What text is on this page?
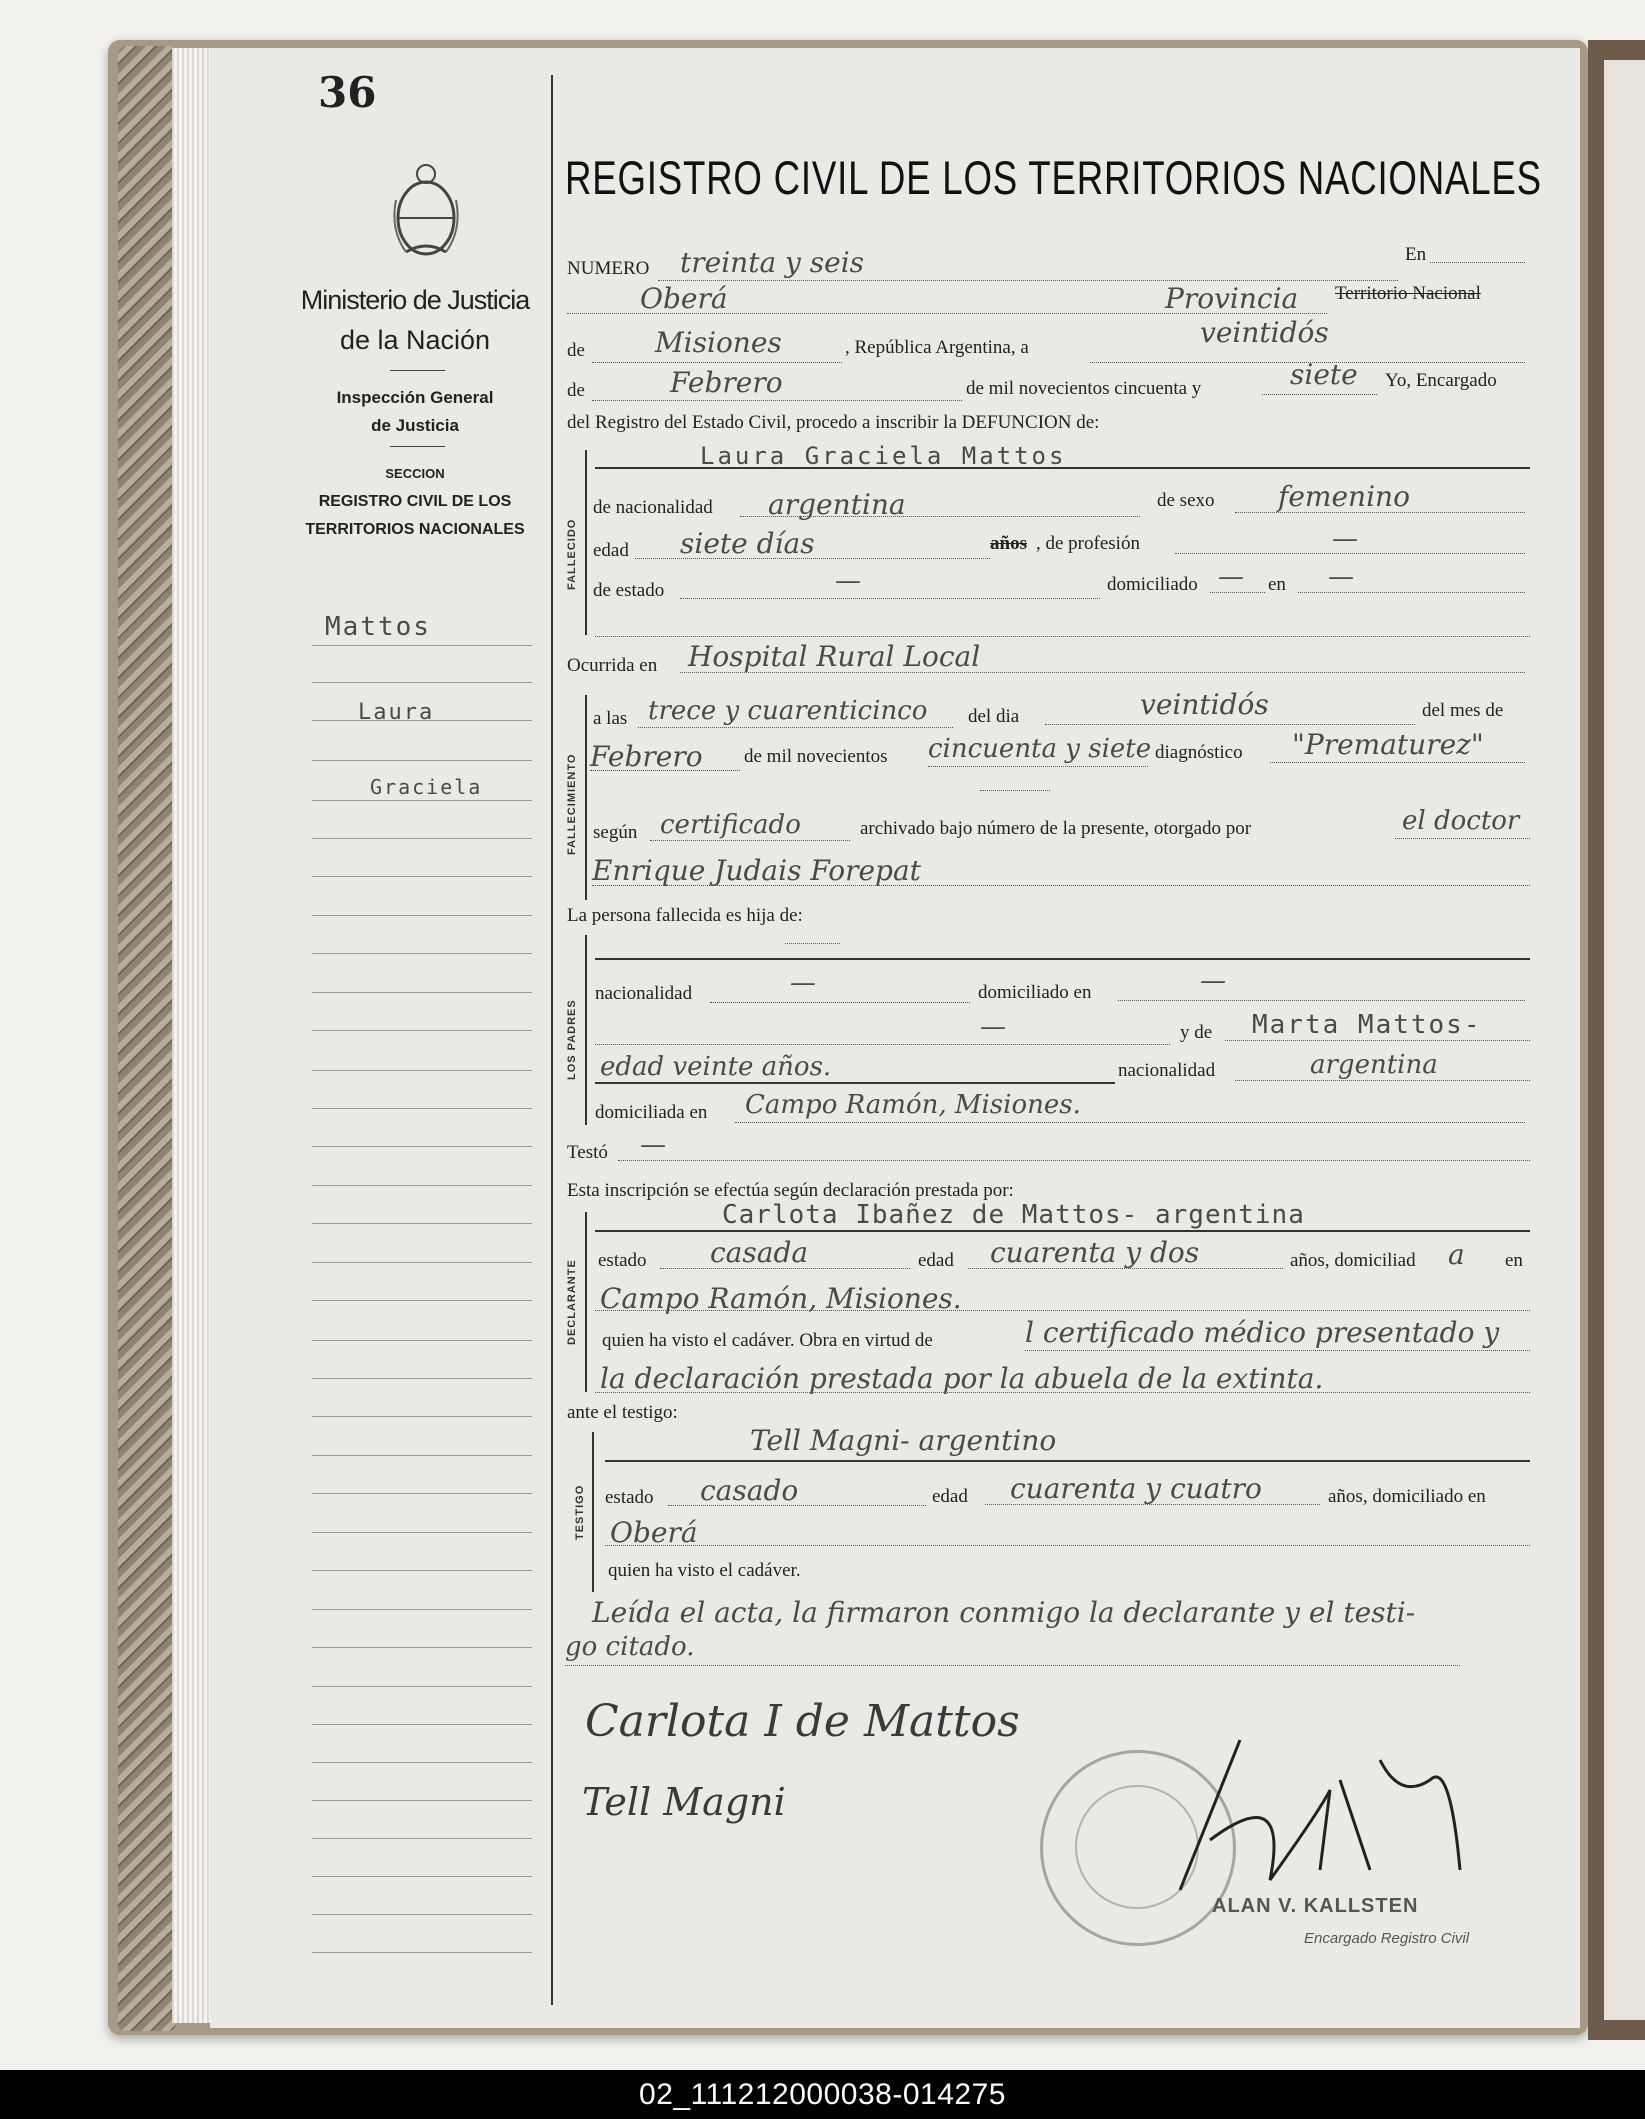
36
Ministerio de Justicia
de la Nación
Inspección General
de Justicia
SECCION
REGISTRO CIVIL DE LOS
TERRITORIOS NACIONALES
Mattos
Laura
Graciela
REGISTRO CIVIL DE LOS TERRITORIOS NACIONALES
NUMERO treinta y seis	En
Oberá	Provincia Territorio Nacional
de	Misiones	, República Argentina, a	veintidós
de	Febrero	de mil novecientos cincuenta y	siete Yo, Encargado
del Registro del Estado Civil, procedo a inscribir la DEFUNCION de:
FALLECIDO
Laura Graciela Mattos
de nacionalidad argentina	de sexo femenino
edad siete días	años , de profesión	—
de estado	—	domiciliado — en —
Ocurrida en Hospital Rural Local
FALLECIMIENTO
a las trece y cuarenticinco del dia	veintidós	del mes de
Febrero de mil novecientos cincuenta y siete diagnóstico "Prematurez"
según certificado	archivado bajo número de la presente, otorgado por	el doctor
Enrique Judais Forepat
La persona fallecida es hija de:
LOS PADRES
nacionalidad	—	domiciliado en	—
—	y de Marta Mattos-
edad veinte años.	nacionalidad	argentina
domiciliada en Campo Ramón, Misiones.
Testó —
Esta inscripción se efectúa según declaración prestada por:
DECLARANTE
Carlota Ibañez de Mattos- argentina
estado casada	edad cuarenta y dos	años, domiciliad a en
Campo Ramón, Misiones.
quien ha visto el cadáver. Obra en virtud de	l certificado médico presentado y
la declaración prestada por la abuela de la extinta.
ante el testigo:
TESTIGO
Tell Magni- argentino
estado casado	edad cuarenta y cuatro	años, domiciliado en
Oberá
quien ha visto el cadáver.
Leída el acta, la firmaron conmigo la declarante y el testi-
go citado.
Carlota I de Mattos
Tell Magni
ALAN V. KALLSTEN
Encargado Registro Civil
02_111212000038-014275
